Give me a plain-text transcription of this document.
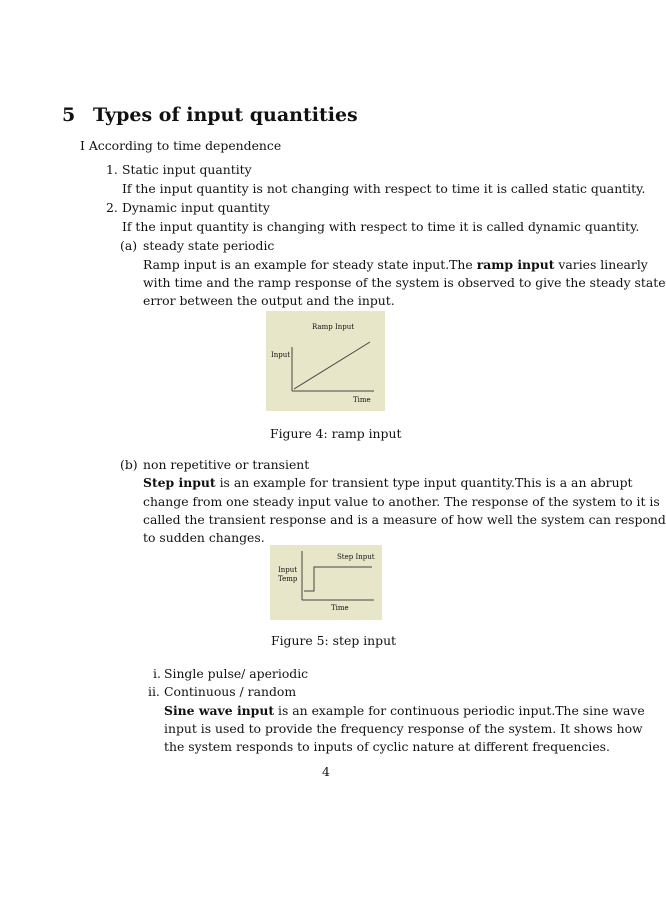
5 Types of input quantities
I According to time dependence
1. Static input quantity
If the input quantity is not changing with respect to time it is called static quantity.
2. Dynamic input quantity
If the input quantity is changing with respect to time it is called dynamic quantity.
(a) steady state periodic
Ramp input is an example for steady state input.The ramp input varies linearly
with time and the ramp response of the system is observed to give the steady state
error between the output and the input.
Ramp Input
Input
Time
Figure 4: ramp input
(b) non repetitive or transient
Step input is an example for transient type input quantity.This is a an abrupt
change from one steady input value to another. The response of the system to it is
called the transient response and is a measure of how well the system can respond
to sudden changes.
Step Input
Input
Temp
Time
Figure 5: step input
i. Single pulse/ aperiodic
ii. Continuous / random
Sine wave input is an example for continuous periodic input.The sine wave
input is used to provide the frequency response of the system. It shows how
the system responds to inputs of cyclic nature at different frequencies.
4
